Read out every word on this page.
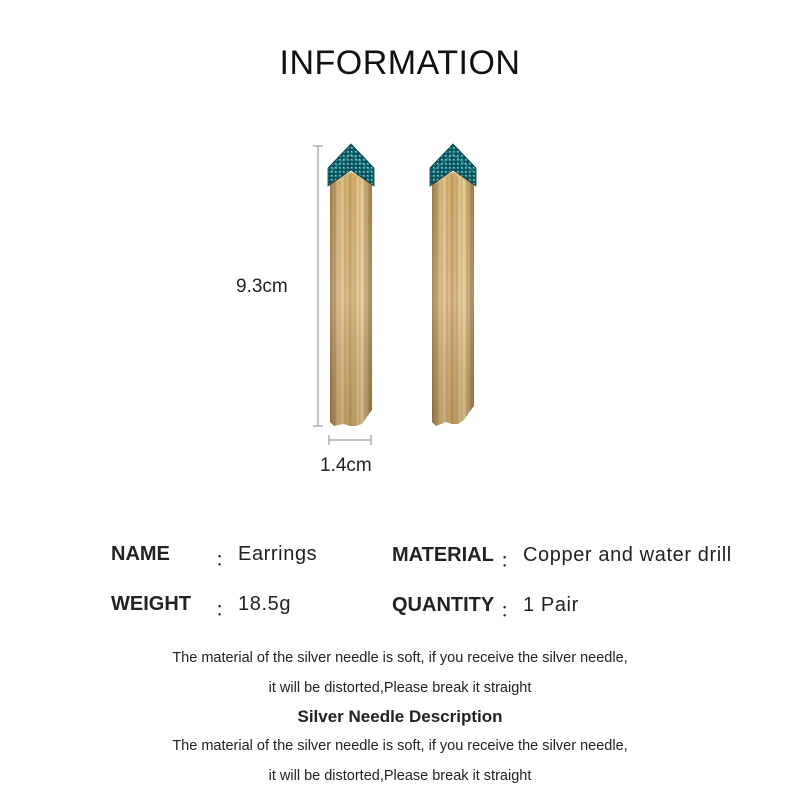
INFORMATION
9.3cm
1.4cm
NAME ： Earrings
WEIGHT ： 18.5g
MATERIAL ： Copper and water drill
QUANTITY ： 1 Pair
The material of the silver needle is soft, if you receive the silver needle,
it will be distorted,Please break it straight
Silver Needle Description
The material of the silver needle is soft, if you receive the silver needle,
it will be distorted,Please break it straight
